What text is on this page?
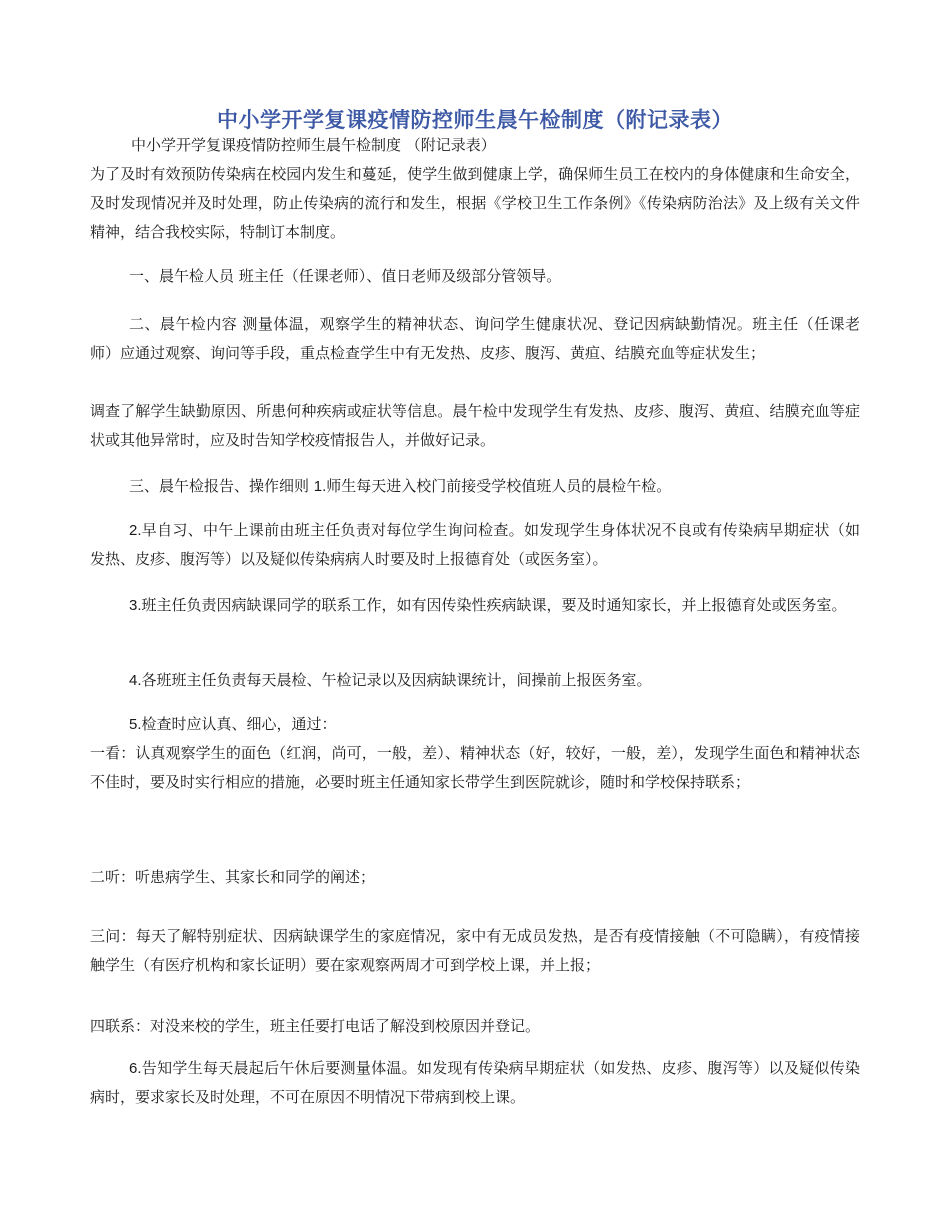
中小学开学复课疫情防控师生晨午检制度（附记录表）
中小学开学复课疫情防控师生晨午检制度 （附记录表）

为了及时有效预防传染病在校园内发生和蔓延，使学生做到健康上学，确保师生员工在校内的身体健康和生命安全，及时发现情况并及时处理，防止传染病的流行和发生，根据《学校卫生工作条例》《传染病防治法》及上级有关文件精神，结合我校实际，特制订本制度。

一、晨午检人员 班主任（任课老师）、值日老师及级部分管领导。

二、晨午检内容 测量体温，观察学生的精神状态、询问学生健康状况、登记因病缺勤情况。班主任（任课老师）应通过观察、询问等手段，重点检查学生中有无发热、皮疹、腹泻、黄疸、结膜充血等症状发生；

调查了解学生缺勤原因、所患何种疾病或症状等信息。晨午检中发现学生有发热、皮疹、腹泻、黄疸、结膜充血等症状或其他异常时，应及时告知学校疫情报告人，并做好记录。

三、晨午检报告、操作细则 1.师生每天进入校门前接受学校值班人员的晨检午检。

2.早自习、中午上课前由班主任负责对每位学生询问检查。如发现学生身体状况不良或有传染病早期症状（如发热、皮疹、腹泻等）以及疑似传染病病人时要及时上报德育处（或医务室）。

3.班主任负责因病缺课同学的联系工作，如有因传染性疾病缺课，要及时通知家长，并上报德育处或医务室。

4.各班班主任负责每天晨检、午检记录以及因病缺课统计，间操前上报医务室。

5.检查时应认真、细心，通过：

一看：认真观察学生的面色（红润，尚可，一般，差）、精神状态（好，较好，一般，差），发现学生面色和精神状态不佳时，要及时实行相应的措施，必要时班主任通知家长带学生到医院就诊，随时和学校保持联系；

二听：听患病学生、其家长和同学的阐述；

三问：每天了解特别症状、因病缺课学生的家庭情况，家中有无成员发热，是否有疫情接触（不可隐瞒），有疫情接触学生（有医疗机构和家长证明）要在家观察两周才可到学校上课，并上报；

四联系：对没来校的学生，班主任要打电话了解没到校原因并登记。

6.告知学生每天晨起后午休后要测量体温。如发现有传染病早期症状（如发热、皮疹、腹泻等）以及疑似传染病时，要求家长及时处理，不可在原因不明情况下带病到校上课。
